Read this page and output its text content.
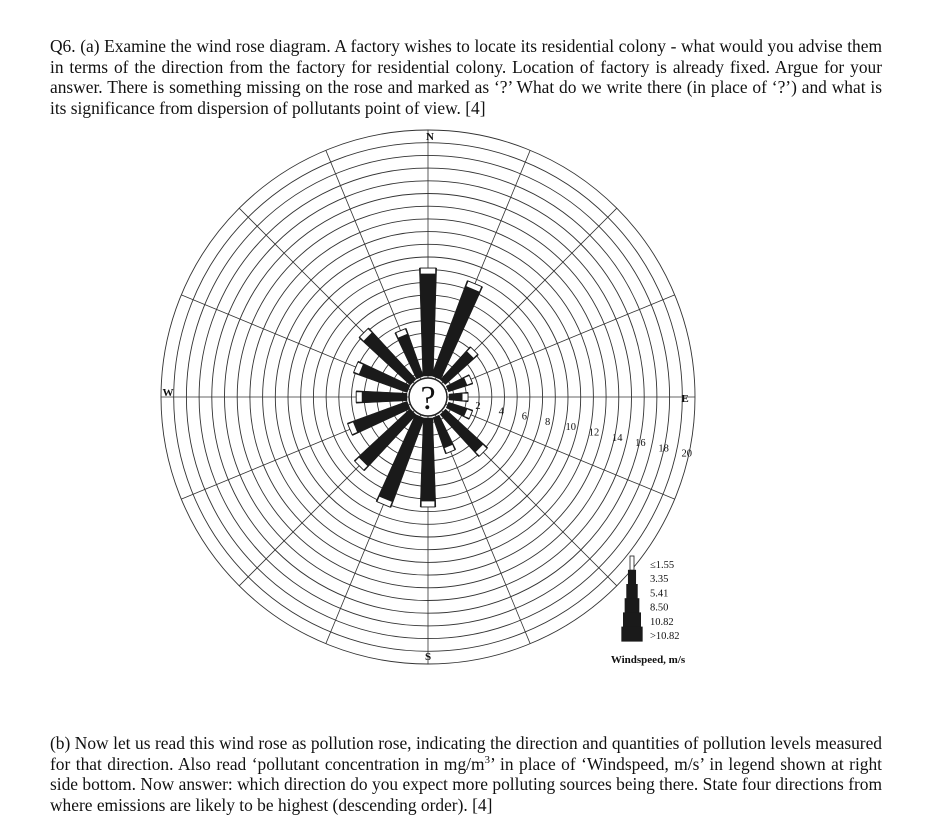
Q6. (a) Examine the wind rose diagram. A factory wishes to locate its residential colony - what would you advise them in terms of the direction from the factory for residential colony. Location of factory is already fixed. Argue for your answer. There is something missing on the rose and marked as ‘?’ What do we write there (in place of ‘?’) and what is its significance from dispersion of pollutants point of view. [4]

?
N
S
E
W
2 4 6 8 10 12 14 16 18 20
≤1.55
3.35
5.41
8.50
10.82
>10.82
Windspeed, m/s

(b) Now let us read this wind rose as pollution rose, indicating the direction and quantities of pollution levels measured for that direction. Also read ‘pollutant concentration in $mg/m^3$’ in place of ‘Windspeed, m/s’ in legend shown at right side bottom. Now answer: which direction do you expect more polluting sources being there. State four directions from where emissions are likely to be highest (descending order). [4]
